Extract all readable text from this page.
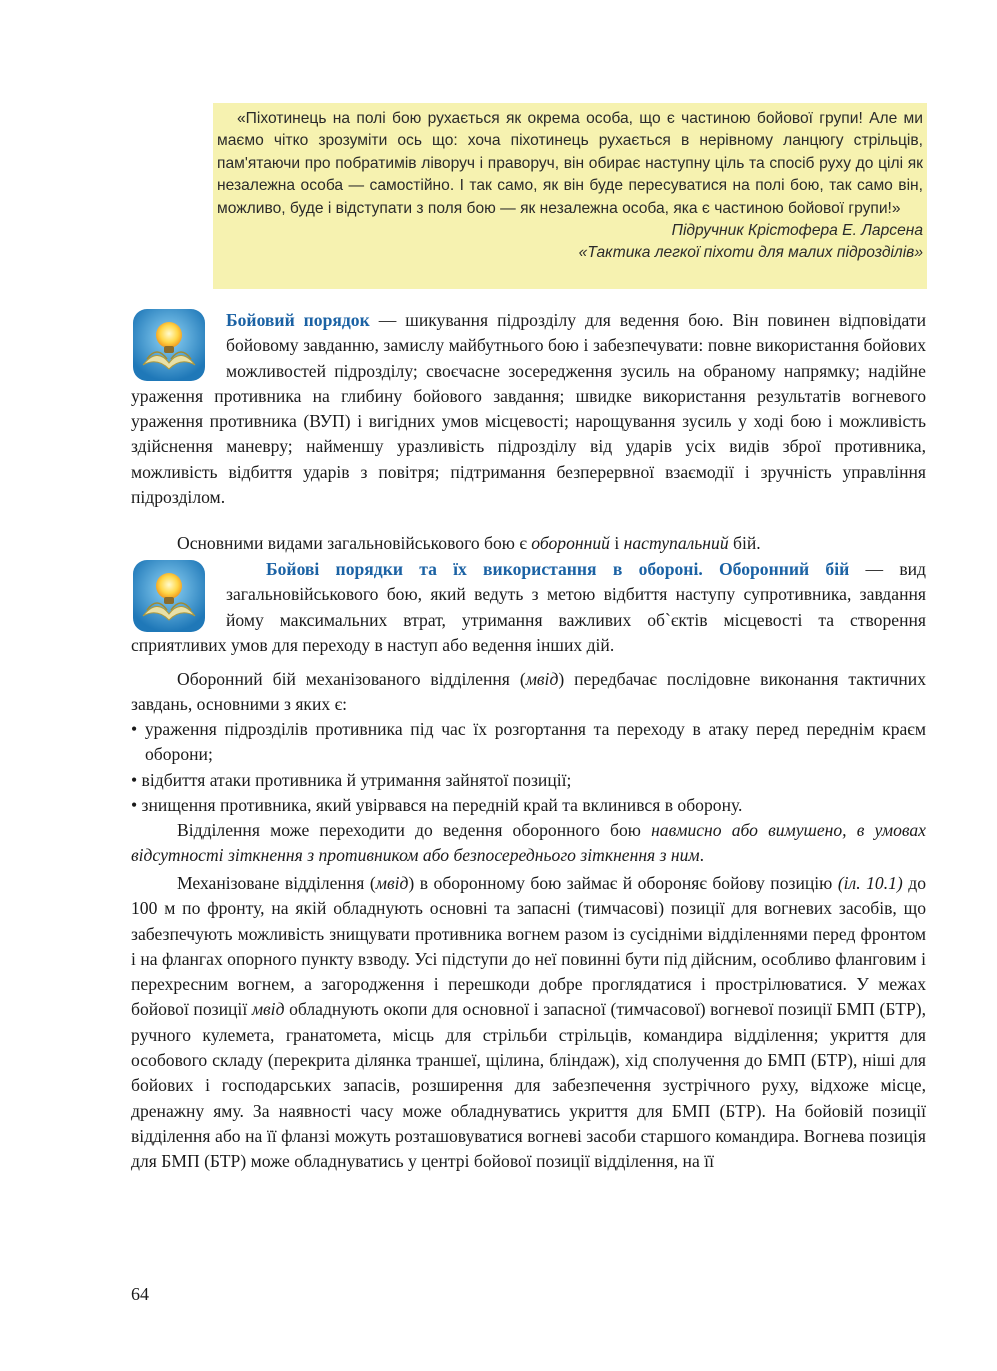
«Піхотинець на полі бою рухається як окрема особа, що є частиною бойової групи! Але ми маємо чітко зрозуміти ось що: хоча піхотинець рухається в нерівному ланцюгу стрільців, пам'ятаючи про побратимів ліворуч і праворуч, він обирає наступну ціль та спосіб руху до цілі як незалежна особа — самостійно. І так само, як він буде пересуватися на полі бою, так само він, можливо, буде і відступати з поля бою — як незалежна особа, яка є частиною бойової групи!»

Підручник Крістофера Е. Ларсена

«Тактика легкої піхоти для малих підрозділів»

Бойовий порядок — шикування підрозділу для ведення бою. Він повинен відповідати бойовому завданню, замислу майбутнього бою і забезпечувати: повне використання бойових можливостей підрозділу; своєчасне зосередження зусиль на обраному напрямку; надійне ураження противника на глибину бойового завдання; швидке використання результатів вогневого ураження противника (ВУП) і вигідних умов місцевості; нарощування зусиль у ході бою і можливість здійснення маневру; найменшу уразливість підрозділу від ударів усіх видів зброї противника, можливість відбиття ударів з повітря; підтримання безперервної взаємодії і зручність управління підрозділом.

Основними видами загальновійськового бою є оборонний і наступальний бій.

Бойові порядки та їх використання в обороні. Оборонний бій — вид загальновійськового бою, який ведуть з метою відбиття наступу супротивника, завдання йому максимальних втрат, утримання важливих об`єктів місцевості та створення сприятливих умов для переходу в наступ або ведення інших дій.

Оборонний бій механізованого відділення (мвід) передбачає послідовне виконання тактичних завдань, основними з яких є:

• ураження підрозділів противника під час їх розгортання та переходу в атаку перед переднім краєм оборони;
• відбиття атаки противника й утримання зайнятої позиції;
• знищення противника, який увірвався на передній край та вклинився в оборону.

Відділення може переходити до ведення оборонного бою навмисно або вимушено, в умовах відсутності зіткнення з противником або безпосереднього зіткнення з ним.

Механізоване відділення (мвід) в оборонному бою займає й обороняє бойову позицію (іл. 10.1) до 100 м по фронту, на якій обладнують основні та запасні (тимчасові) позиції для вогневих засобів, що забезпечують можливість знищувати противника вогнем разом із сусідніми відділеннями перед фронтом і на флангах опорного пункту взводу. Усі підступи до неї повинні бути під дійсним, особливо фланговим і перехресним вогнем, а загородження і перешкоди добре проглядатися і прострілюватися. У межах бойової позиції мвід обладнують окопи для основної і запасної (тимчасової) вогневої позиції БМП (БТР), ручного кулемета, гранатомета, місць для стрільби стрільців, командира відділення; укриття для особового складу (перекрита ділянка траншеї, щілина, бліндаж), хід сполучення до БМП (БТР), ніші для бойових і господарських запасів, розширення для забезпечення зустрічного руху, відхоже місце, дренажну яму. За наявності часу може обладнуватись укриття для БМП (БТР). На бойовій позиції відділення або на її фланзі можуть розташовуватися вогневі засоби старшого командира. Вогнева позиція для БМП (БТР) може обладнуватись у центрі бойової позиції відділення, на її

64
